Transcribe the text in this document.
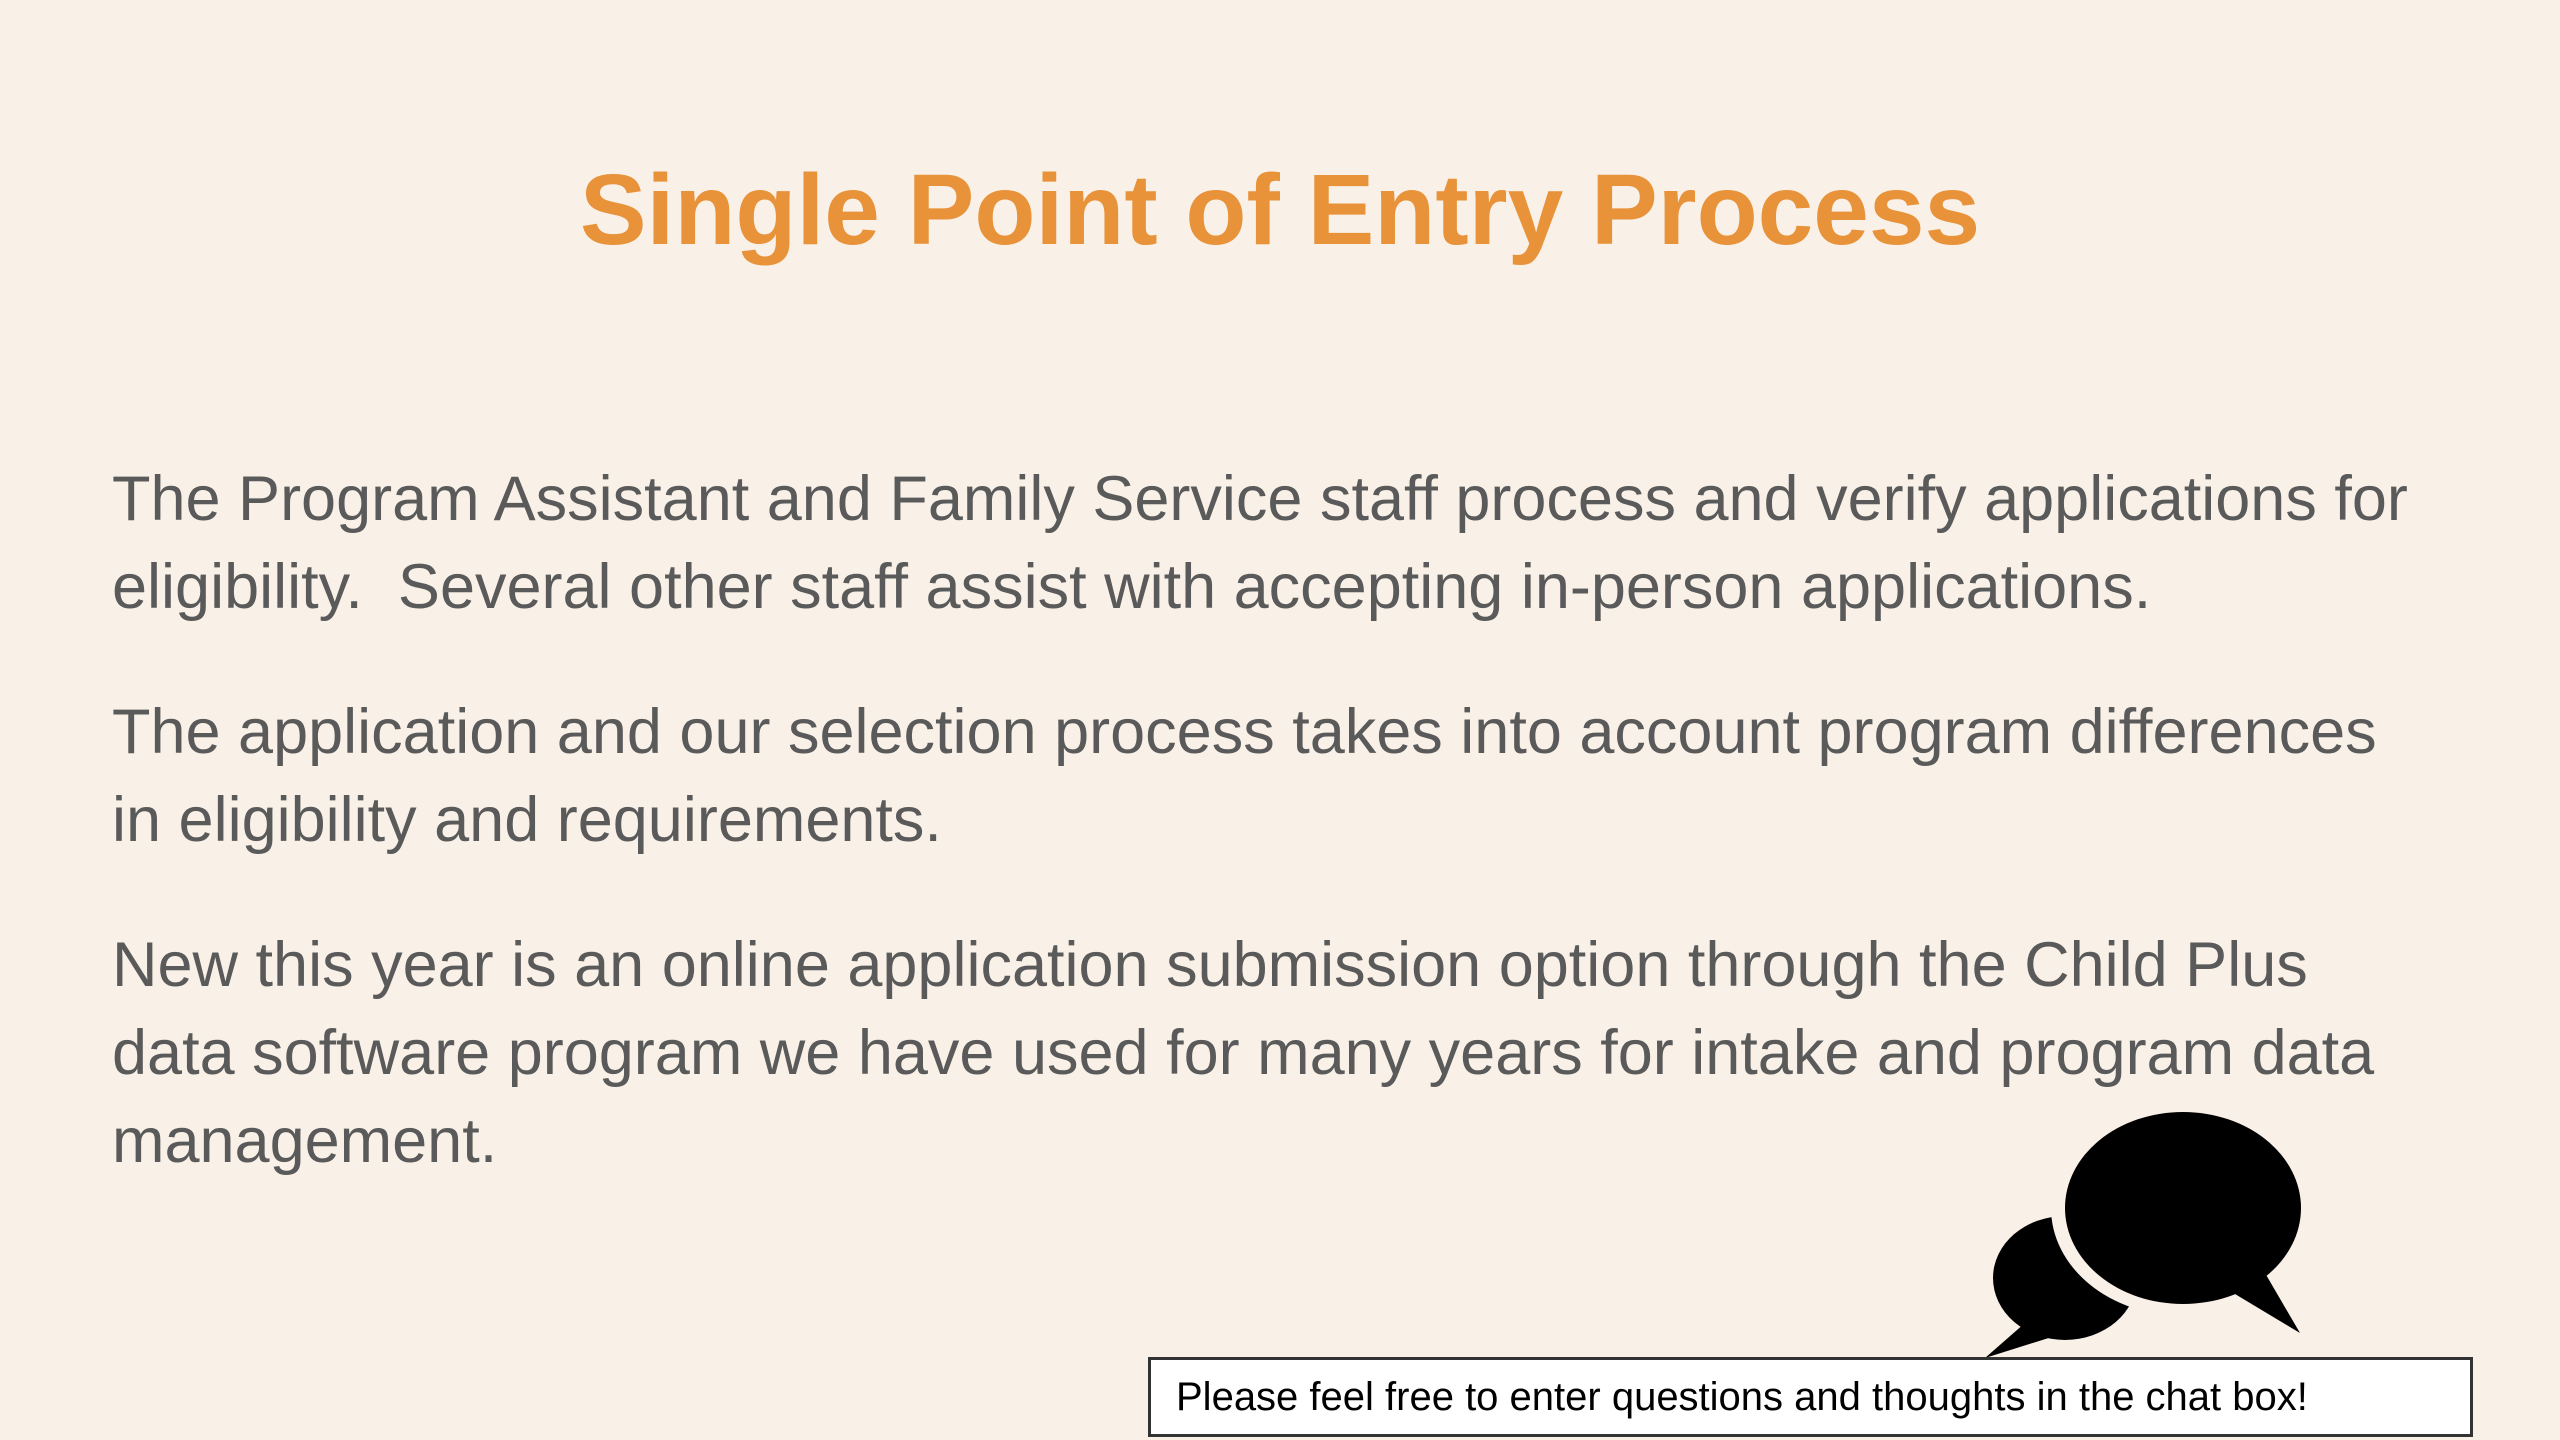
Single Point of Entry Process

The Program Assistant and Family Service staff process and verify applications for eligibility.  Several other staff assist with accepting in-person applications.

The application and our selection process takes into account program differences in eligibility and requirements.

New this year is an online application submission option through the Child Plus data software program we have used for many years for intake and program data management.

Please feel free to enter questions and thoughts in the chat box!
